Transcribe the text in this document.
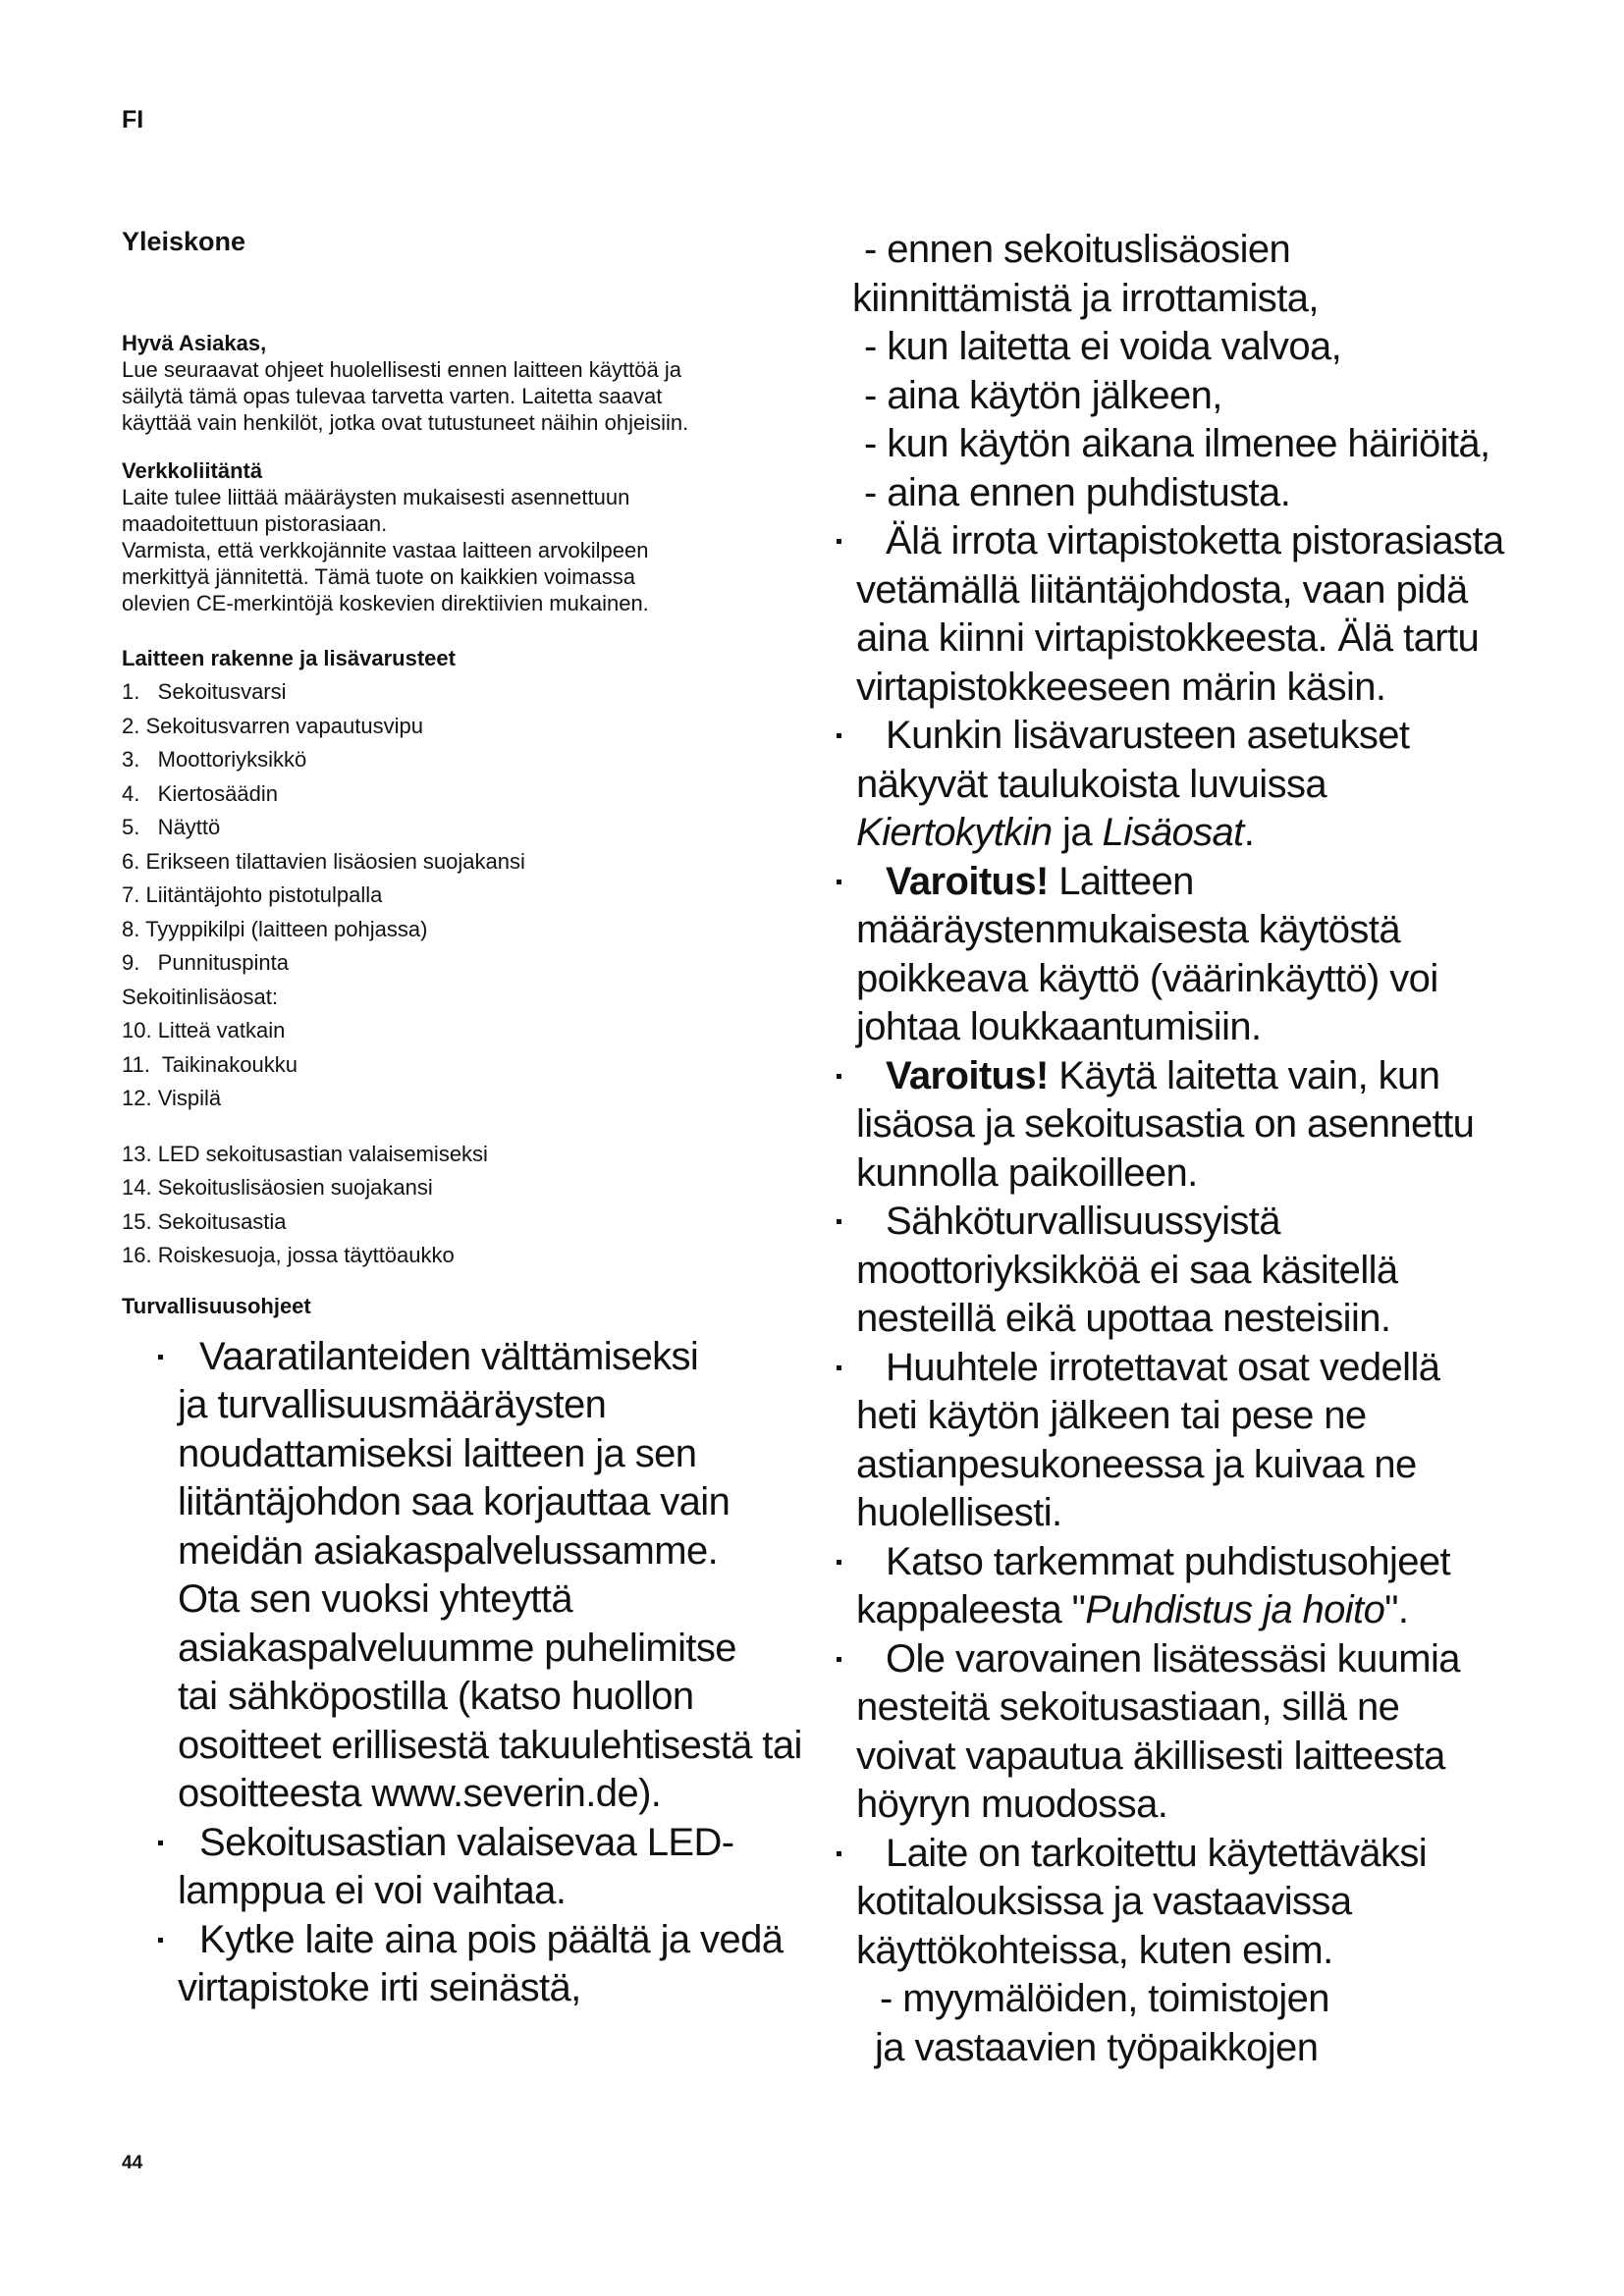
FI
Yleiskone
Hyvä Asiakas,
Lue seuraavat ohjeet huolellisesti ennen laitteen käyttöä ja
säilytä tämä opas tulevaa tarvetta varten. Laitetta saavat
käyttää vain henkilöt, jotka ovat tutustuneet näihin ohjeisiin.
Verkkoliitäntä
Laite tulee liittää määräysten mukaisesti asennettuun
maadoitettuun pistorasiaan.
Varmista, että verkkojännite vastaa laitteen arvokilpeen
merkittyä jännitettä. Tämä tuote on kaikkien voimassa
olevien CE-merkintöjä koskevien direktiivien mukainen.
Laitteen rakenne ja lisävarusteet
1.   Sekoitusvarsi
2. Sekoitusvarren vapautusvipu
3.   Moottoriyksikkö
4.   Kiertosäädin
5.   Näyttö
6. Erikseen tilattavien lisäosien suojakansi
7. Liitäntäjohto pistotulpalla
8. Tyyppikilpi (laitteen pohjassa)
9.   Punnituspinta
Sekoitinlisäosat:
10. Litteä vatkain
11.  Taikinakoukku
12. Vispilä
13. LED sekoitusastian valaisemiseksi
14. Sekoituslisäosien suojakansi
15. Sekoitusastia
16. Roiskesuoja, jossa täyttöaukko
Turvallisuusohjeet
Vaaratilanteiden välttämiseksi
ja turvallisuusmääräysten
noudattamiseksi laitteen ja sen
liitäntäjohdon saa korjauttaa vain
meidän asiakaspalvelussamme.
Ota sen vuoksi yhteyttä
asiakaspalveluumme puhelimitse
tai sähköpostilla (katso huollon
osoitteet erillisestä takuulehtisestä tai
osoitteesta www.severin.de).
Sekoitusastian valaisevaa LED-
lamppua ei voi vaihtaa.
Kytke laite aina pois päältä ja vedä
virtapistoke irti seinästä,
- ennen sekoituslisäosien
kiinnittämistä ja irrottamista,
- kun laitetta ei voida valvoa,
- aina käytön jälkeen,
- kun käytön aikana ilmenee häiriöitä,
- aina ennen puhdistusta.
Älä irrota virtapistoketta pistorasiasta
vetämällä liitäntäjohdosta, vaan pidä
aina kiinni virtapistokkeesta. Älä tartu
virtapistokkeeseen märin käsin.
Kunkin lisävarusteen asetukset
näkyvät taulukoista luvuissa
Kiertokytkin ja Lisäosat.
Varoitus! Laitteen
määräystenmukaisesta käytöstä
poikkeava käyttö (väärinkäyttö) voi
johtaa loukkaantumisiin.
Varoitus! Käytä laitetta vain, kun
lisäosa ja sekoitusastia on asennettu
kunnolla paikoilleen.
Sähköturvallisuussyistä
moottoriyksikköä ei saa käsitellä
nesteillä eikä upottaa nesteisiin.
Huuhtele irrotettavat osat vedellä
heti käytön jälkeen tai pese ne
astianpesukoneessa ja kuivaa ne
huolellisesti.
Katso tarkemmat puhdistusohjeet
kappaleesta "Puhdistus ja hoito".
Ole varovainen lisätessäsi kuumia
nesteitä sekoitusastiaan, sillä ne
voivat vapautua äkillisesti laitteesta
höyryn muodossa.
Laite on tarkoitettu käytettäväksi
kotitalouksissa ja vastaavissa
käyttökohteissa, kuten esim.
- myymälöiden, toimistojen
ja vastaavien työpaikkojen
44
